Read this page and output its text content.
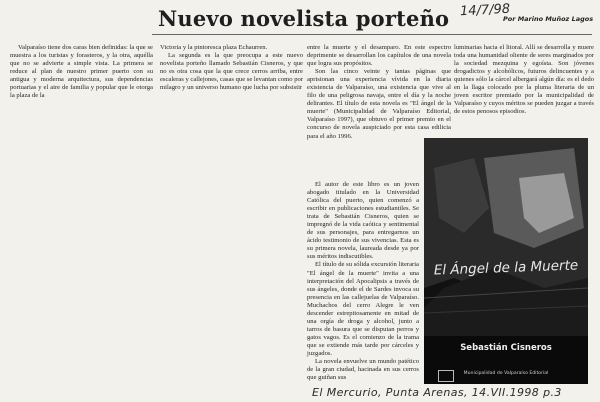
Nuevo novelista porteño 14/7/98
Por Marino Muñoz Lagos

Valparaíso tiene dos caras bien definidas: la que se muestra a los turistas y forasteros, y la otra, aquélla que no se advierte a simple vista. La primera se reduce al plan de nuestro primer puerto con su antigua y moderna arquitectura, sus dependencias portuarias y el aire de familia y popular que le otorga la plaza de la

Victoria y la pintoresca plaza Echaurren.

La segunda es la que preocupa a este nuevo novelista porteño llamado Sebastián Cisneros, y que no es otra cosa que la que crece cerros arriba, entre escaleras y callejones, casas que se levantan como por milagro y un universo humano que lucha por subsistir

entre la muerte y el desamparo. En este espectro deprimente se desarrollan los capítulos de una novela que logra sus propósitos.

Son las cinco veinte y tantas páginas que aprisionan una experiencia vívida en la diaria existencia de Valparaíso, una existencia que vive al filo de una peligrosa navaja, entre el día y la noche delirantes. El título de esta novela es "El ángel de la muerte" (Municipalidad de Valparaíso Editorial, Valparaíso 1997), que obtuvo el primer premio en el concurso de novela auspiciado por esta casa edilicia para el año 1996.

El autor de este libro es un joven abogado titulado en la Universidad Católica del puerto, quien comenzó a escribir en publicaciones estudiantiles. Se trata de Sebastián Cisneros, quien se impregnó de la vida caótica y sentimental de sus personajes, para entregarnos un ácido testimonio de sus vivencias. Esta es su primera novela, laureada desde ya por sus méritos indiscutibles.

El título de su sólida excursión literaria "El ángel de la muerte" invita a una interpretación del Apocalipsis a través de sus ángeles, donde el de Sardes invoca su presencia en las callejuelas de Valparaíso. Muchachos del cerro Alegre le ven descender estrepitosamente en mitad de una orgía de droga y alcohol, junto a tarros de basura que se disputan perros y gatos vagos. Es el comienzo de la trama que se extiende más tarde por cárceles y juzgados.

La novela envuelve un mundo patético de la gran ciudad, hacinada en sus cerros que guiñan sus

luminarias hacia el litoral. Allí se desarrolla y muere toda una humanidad oliente de seres marginados por la sociedad mezquina y egoísta. Son jóvenes drogadictos y alcohólicos, futuros delincuentes y a quienes sólo la cárcel albergará algún día: es el dedo en la llaga colocado por la pluma literaria de un joven escritor premiado por la municipalidad de Valparaíso y cuyos méritos se pueden juzgar a través de estos penosos episodios.

El Ángel de la Muerte
Sebastián Cisneros
Municipalidad de Valparaíso Editorial
El Mercurio, Punta Arenas, 14.VII.1998 p.3
